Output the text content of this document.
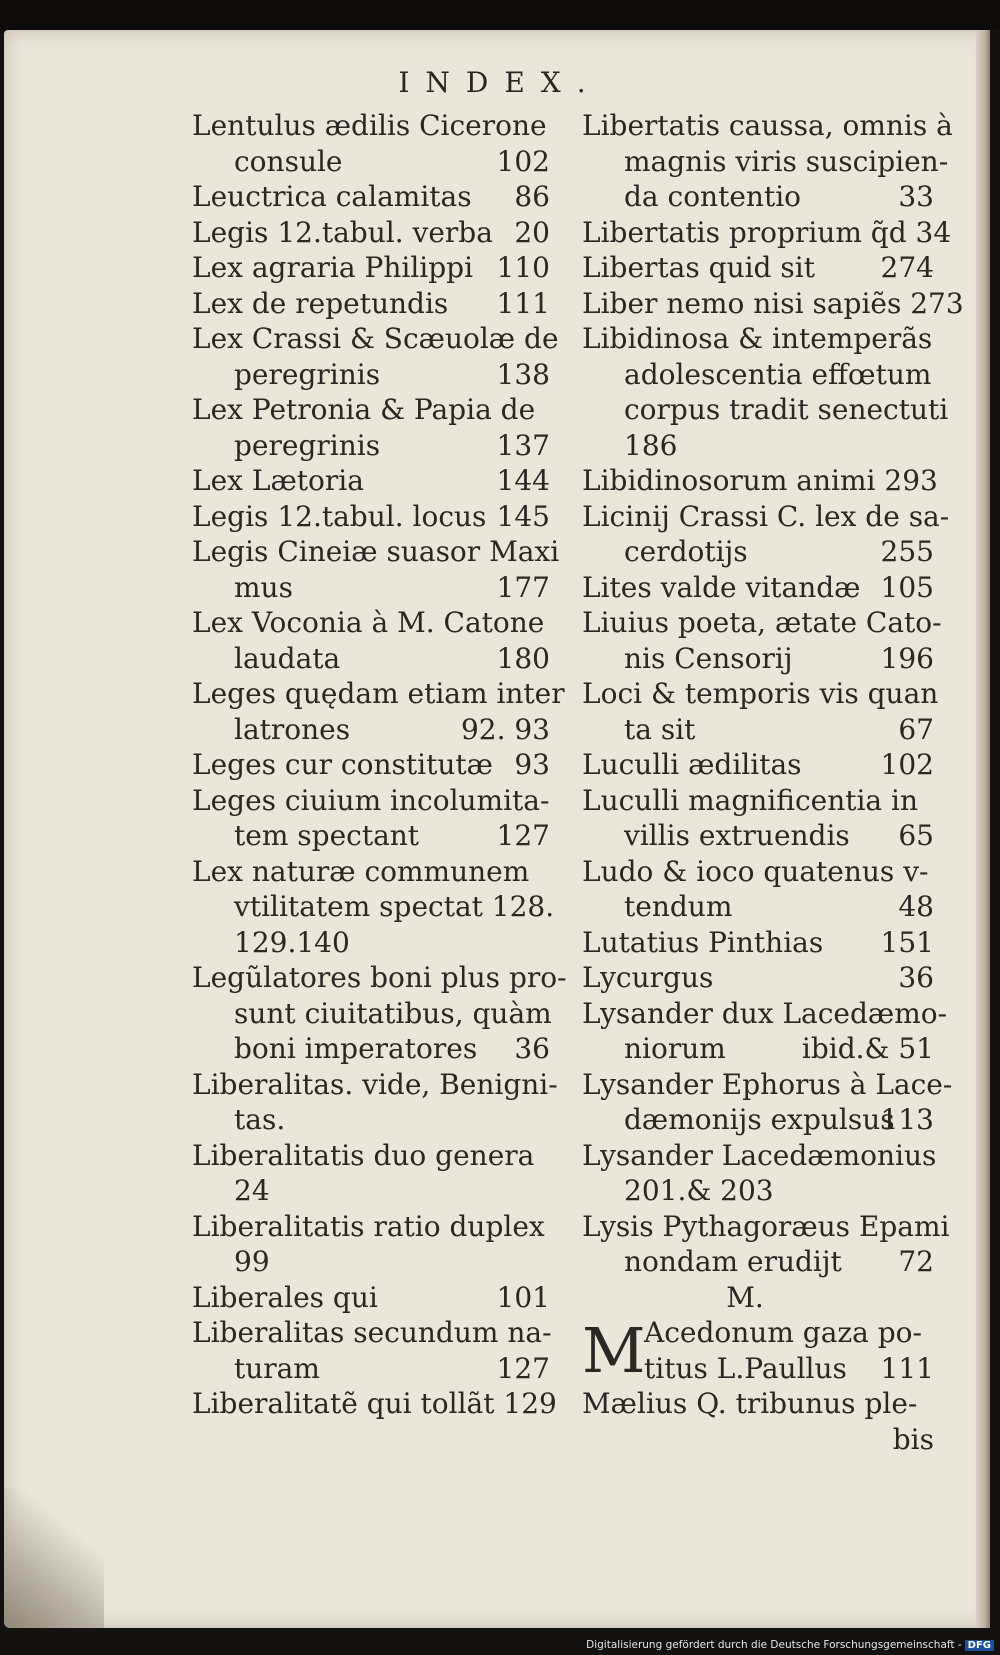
INDEX.
Lentulus ædilis Cicerone
consule	102
Leuctrica calamitas 86
Legis 12.tabul. verba 20
Lex agraria Philippi 110
Lex de repetundis 111
Lex Crassi & Scæuolæ de
peregrinis	138
Lex Petronia & Papia de
peregrinis	137
Lex Lætoria	144
Legis 12.tabul. locus 145
Legis Cineiæ suasor Maxi
mus	177
Lex Voconia à M. Catone
laudata	180
Leges quędam etiam inter
latrones	92. 93
Leges cur constitutæ 93
Leges ciuium incolumita-
tem spectant	127
Lex naturæ communem
vtilitatem spectat 128.
129.140
Legũlatores boni plus pro-
sunt ciuitatibus, quàm
boni imperatores 36
Liberalitas. vide, Benigni-
tas.
Liberalitatis duo genera
24
Liberalitatis ratio duplex
99
Liberales qui	101
Liberalitas secundum na-
turam	127
Liberalitatẽ qui tollãt 129
Libertatis caussa, omnis à
magnis viris suscipien-
da contentio	33
Libertatis proprium q̃d 34
Libertas quid sit 274
Liber nemo nisi sapiẽs 273
Libidinosa & intemperãs
adolescentia effœtum
corpus tradit senectuti
186
Libidinosorum animi 293
Licinij Crassi C. lex de sa-
cerdotijs	255
Lites valde vitandæ 105
Liuius poeta, ætate Cato-
nis Censorij	196
Loci & temporis vis quan
ta sit	67
Luculli ædilitas	102
Luculli magnificentia in
villis extruendis 65
Ludo & ioco quatenus v-
tendum	48
Lutatius Pinthias 151
Lycurgus	36
Lysander dux Lacedæmo-
niorum	ibid.& 51
Lysander Ephorus à Lace-
dæmonijs expulsus
113
Lysander Lacedæmonius
201.& 203
Lysis Pythagoræus Epami
nondam erudijt 72
M.
M
Acedonum gaza po-
titus L.Paullus 111
Mælius Q. tribunus ple-
bis
Digitalisierung gefördert durch die Deutsche Forschungsgemeinschaft - DFG
